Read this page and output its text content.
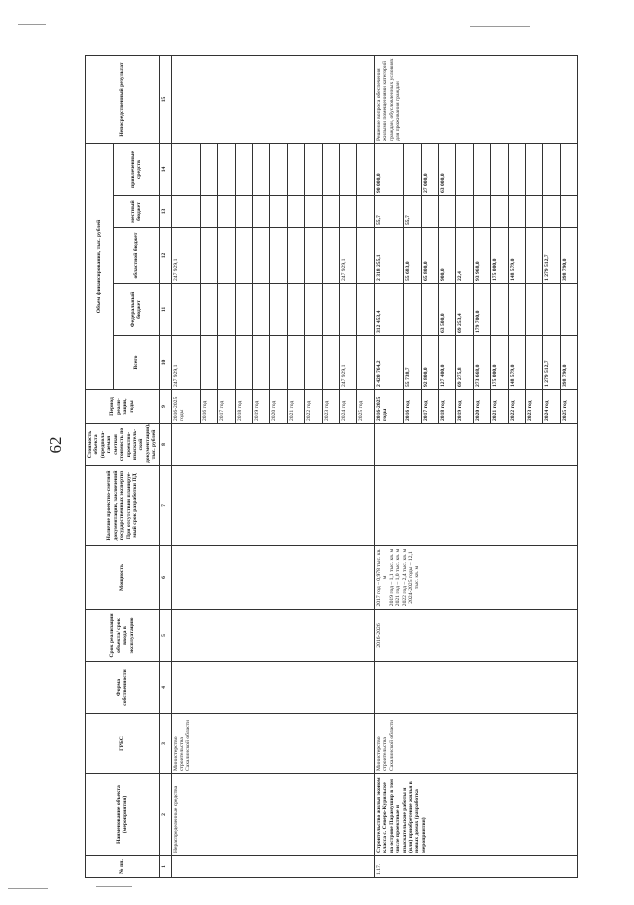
62
№ пп.	Наименование объекта (мероприятия)	ГРБС	Форма собственности	Срок реализации объекта/ срок ввода в эксплуатацию	Мощность	Наличие проектно-сметной документации, заключений государственных экспертиз При отсутствии планируемый срок разработки ПД	Стоимость объекта (предполагаемая сметная стоимость по проектно-изыскательской документации), тыс. рублей	Период реализации, годы	Объем финансирования, тыс. рублей					Непосредственный результат
									Всего	Федеральный бюджет	областной бюджет	местный бюджет	привлеченные средств	
1	2	3	4	5	6	7	8	9	10	11	12	13	14	15
	Нераспределенные средства	Министерство строительства Сахалинской области						2016-2025 годы	247 929,1		247 929,1			
								2016 год						
								2017 год						
								2018 год						
								2019 год						
								2020 год						
								2021 год						
								2022 год						
								2023 год						
								2024 год	247 929,1		247 929,1			
								2025 год						
1.17.	Строительство жилья эконом класса с. Северо-Курильске на острове Парамушир в том числе проектные и изыскательские работы и (или) приобретение жилья в новых домах (разработка мероприятия)	Министерство строительства Сахалинской области		2016-2026	2017 год – 0,978 тыс. кв. м 2019 год – 1,1 тыс. кв. м 2021 год – 1,0 тыс. кв. м 2022 год – 2,4 тыс. кв. м 2024-2025 годы – 12,1 тыс. кв. м			2016-2025 годы	2 420 764,2	312 453,4	2 318 255,1	55,7	90 000,0	Решение вопроса обеспечения жилыми помещениями категорий граждан, обусловленных условиях для проживания граждан
								2016 год	55 738,7		55 683,0	55,7		
								2017 год	92 800,0		65 800,0		27 000,0	
								2018 год	127 400,0	63 500,0	900,0		63 000,0	
								2019 год	69 275,8	69 253,4	22,4			
								2020 год	273 668,0	179 700,0	93 968,0			
								2021 год	175 000,0		175 000,0			
								2022 год	148 579,0		148 579,0			
								2023 год						
								2024 год	1 279 512,7		1 279 512,7			
								2025 год	398 790,0		398 790,0			
